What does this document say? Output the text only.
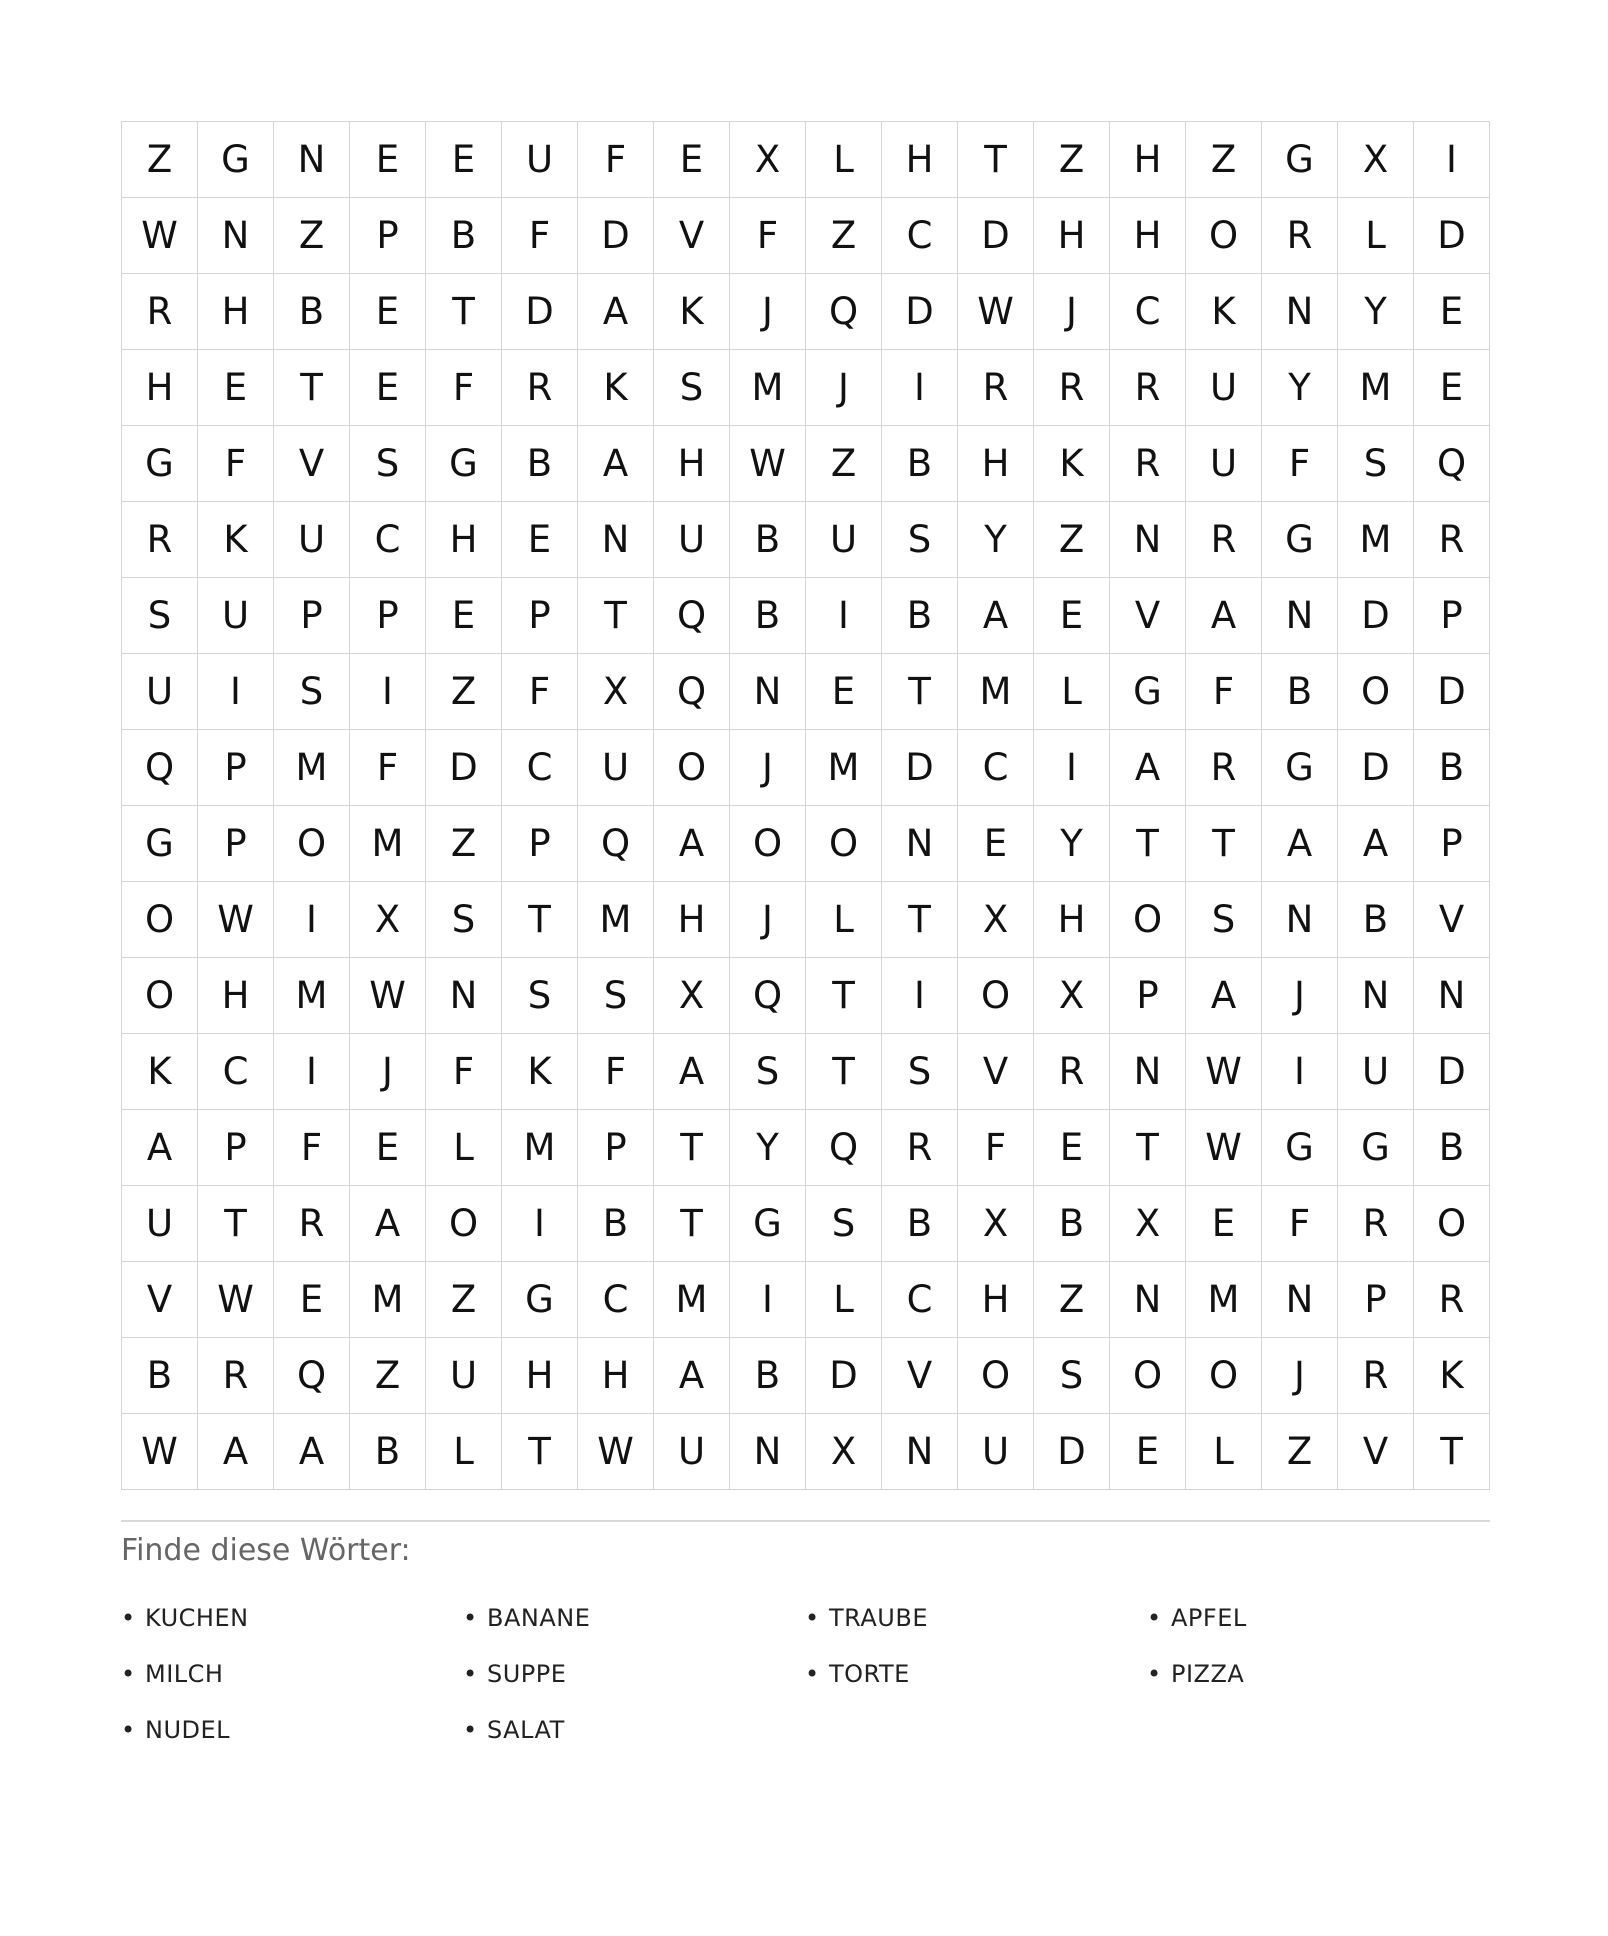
Z	G	N	E	E	U	F	E	X	L	H	T	Z	H	Z	G	X	I
W	N	Z	P	B	F	D	V	F	Z	C	D	H	H	O	R	L	D
R	H	B	E	T	D	A	K	J	Q	D	W	J	C	K	N	Y	E
H	E	T	E	F	R	K	S	M	J	I	R	R	R	U	Y	M	E
G	F	V	S	G	B	A	H	W	Z	B	H	K	R	U	F	S	Q
R	K	U	C	H	E	N	U	B	U	S	Y	Z	N	R	G	M	R
S	U	P	P	E	P	T	Q	B	I	B	A	E	V	A	N	D	P
U	I	S	I	Z	F	X	Q	N	E	T	M	L	G	F	B	O	D
Q	P	M	F	D	C	U	O	J	M	D	C	I	A	R	G	D	B
G	P	O	M	Z	P	Q	A	O	O	N	E	Y	T	T	A	A	P
O	W	I	X	S	T	M	H	J	L	T	X	H	O	S	N	B	V
O	H	M	W	N	S	S	X	Q	T	I	O	X	P	A	J	N	N
K	C	I	J	F	K	F	A	S	T	S	V	R	N	W	I	U	D
A	P	F	E	L	M	P	T	Y	Q	R	F	E	T	W	G	G	B
U	T	R	A	O	I	B	T	G	S	B	X	B	X	E	F	R	O
V	W	E	M	Z	G	C	M	I	L	C	H	Z	N	M	N	P	R
B	R	Q	Z	U	H	H	A	B	D	V	O	S	O	O	J	R	K
W	A	A	B	L	T	W	U	N	X	N	U	D	E	L	Z	V	T
Finde diese Wörter:
• KUCHEN	• BANANE	• TRAUBE	• APFEL
• MILCH	• SUPPE	• TORTE	• PIZZA
• NUDEL	• SALAT
